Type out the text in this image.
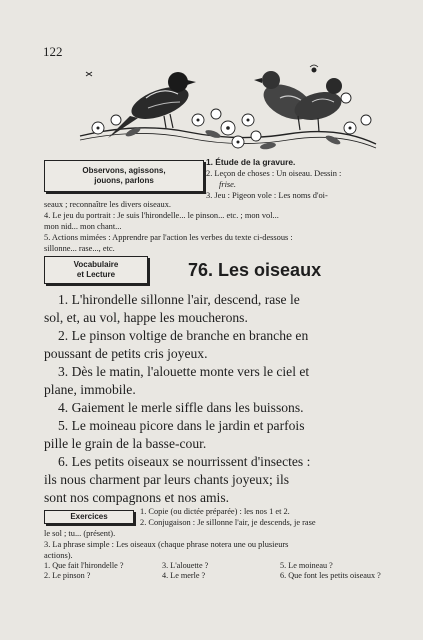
122
Observons, agissons,
jouons, parlons
1. Étude de la gravure.
2. Leçon de choses : Un oiseau. Dessin :
frise.
3. Jeu : Pigeon vole : Les noms d'oi-
seaux ; reconnaître les divers oiseaux.
4. Le jeu du portrait : Je suis l'hirondelle... le pinson... etc. ; mon vol...
mon nid... mon chant...
5. Actions mimées : Apprendre par l'action les verbes du texte ci-dessous :
sillonne... rase..., etc.
Vocabulaire
et Lecture	76. Les oiseaux
1. L'hirondelle sillonne l'air, descend, rase le
sol, et, au vol, happe les moucherons.
2. Le pinson voltige de branche en branche en
poussant de petits cris joyeux.
3. Dès le matin, l'alouette monte vers le ciel et
plane, immobile.
4. Gaiement le merle siffle dans les buissons.
5. Le moineau picore dans le jardin et parfois
pille le grain de la basse-cour.
6. Les petits oiseaux se nourrissent d'insectes :
ils nous charment par leurs chants joyeux; ils
sont nos compagnons et nos amis.
Exercices
1. Copie (ou dictée préparée) : les nos 1 et 2.
2. Conjugaison : Je sillonne l'air, je descends, je rase
le sol ; tu... (présent).
3. La phrase simple : Les oiseaux (chaque phrase notera une ou plusieurs
actions).
1. Que fait l'hirondelle ?	3. L'alouette ?	5. Le moineau ?
2. Le pinson ?	4. Le merle ?	6. Que font les petits oiseaux ?
